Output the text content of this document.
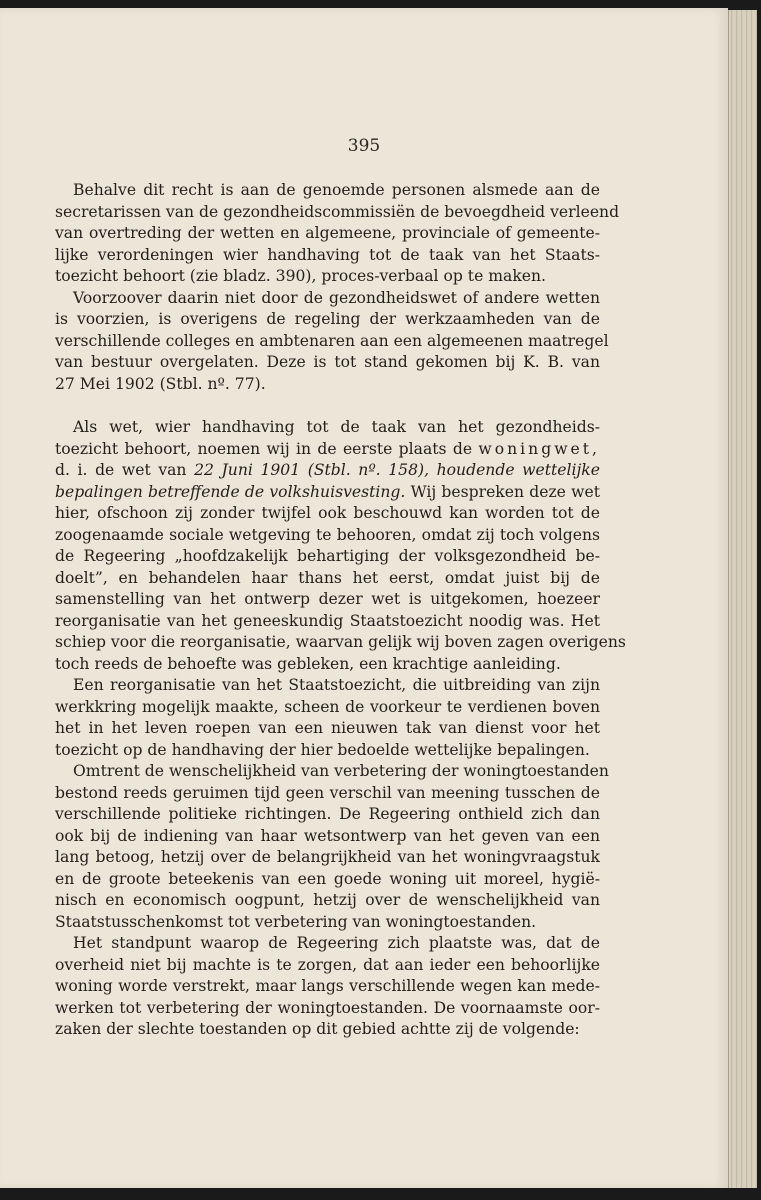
395

Behalve dit recht is aan de genoemde personen alsmede aan de
secretarissen van de gezondheidscommissiën de bevoegdheid verleend
van overtreding der wetten en algemeene, provinciale of gemeente-
lijke verordeningen wier handhaving tot de taak van het Staats-
toezicht behoort (zie bladz. 390), proces-verbaal op te maken.

Voorzoover daarin niet door de gezondheidswet of andere wetten
is voorzien, is overigens de regeling der werkzaamheden van de
verschillende colleges en ambtenaren aan een algemeenen maatregel
van bestuur overgelaten. Deze is tot stand gekomen bij K. B. van
27 Mei 1902 (Stbl. nº. 77).

Als wet, wier handhaving tot de taak van het gezondheids-
toezicht behoort, noemen wij in de eerste plaats de woningwet,
d. i. de wet van 22 Juni 1901 (Stbl. nº. 158), houdende wettelijke
bepalingen betreffende de volkshuisvesting. Wij bespreken deze wet
hier, ofschoon zij zonder twijfel ook beschouwd kan worden tot de
zoogenaamde sociale wetgeving te behooren, omdat zij toch volgens
de Regeering „hoofdzakelijk behartiging der volksgezondheid be-
doelt”, en behandelen haar thans het eerst, omdat juist bij de
samenstelling van het ontwerp dezer wet is uitgekomen, hoezeer
reorganisatie van het geneeskundig Staatstoezicht noodig was. Het
schiep voor die reorganisatie, waarvan gelijk wij boven zagen overigens
toch reeds de behoefte was gebleken, een krachtige aanleiding.

Een reorganisatie van het Staatstoezicht, die uitbreiding van zijn
werkkring mogelijk maakte, scheen de voorkeur te verdienen boven
het in het leven roepen van een nieuwen tak van dienst voor het
toezicht op de handhaving der hier bedoelde wettelijke bepalingen.

Omtrent de wenschelijkheid van verbetering der woningtoestanden
bestond reeds geruimen tijd geen verschil van meening tusschen de
verschillende politieke richtingen. De Regeering onthield zich dan
ook bij de indiening van haar wetsontwerp van het geven van een
lang betoog, hetzij over de belangrijkheid van het woningvraagstuk
en de groote beteekenis van een goede woning uit moreel, hygië-
nisch en economisch oogpunt, hetzij over de wenschelijkheid van
Staatstusschenkomst tot verbetering van woningtoestanden.

Het standpunt waarop de Regeering zich plaatste was, dat de
overheid niet bij machte is te zorgen, dat aan ieder een behoorlijke
woning worde verstrekt, maar langs verschillende wegen kan mede-
werken tot verbetering der woningtoestanden. De voornaamste oor-
zaken der slechte toestanden op dit gebied achtte zij de volgende:
